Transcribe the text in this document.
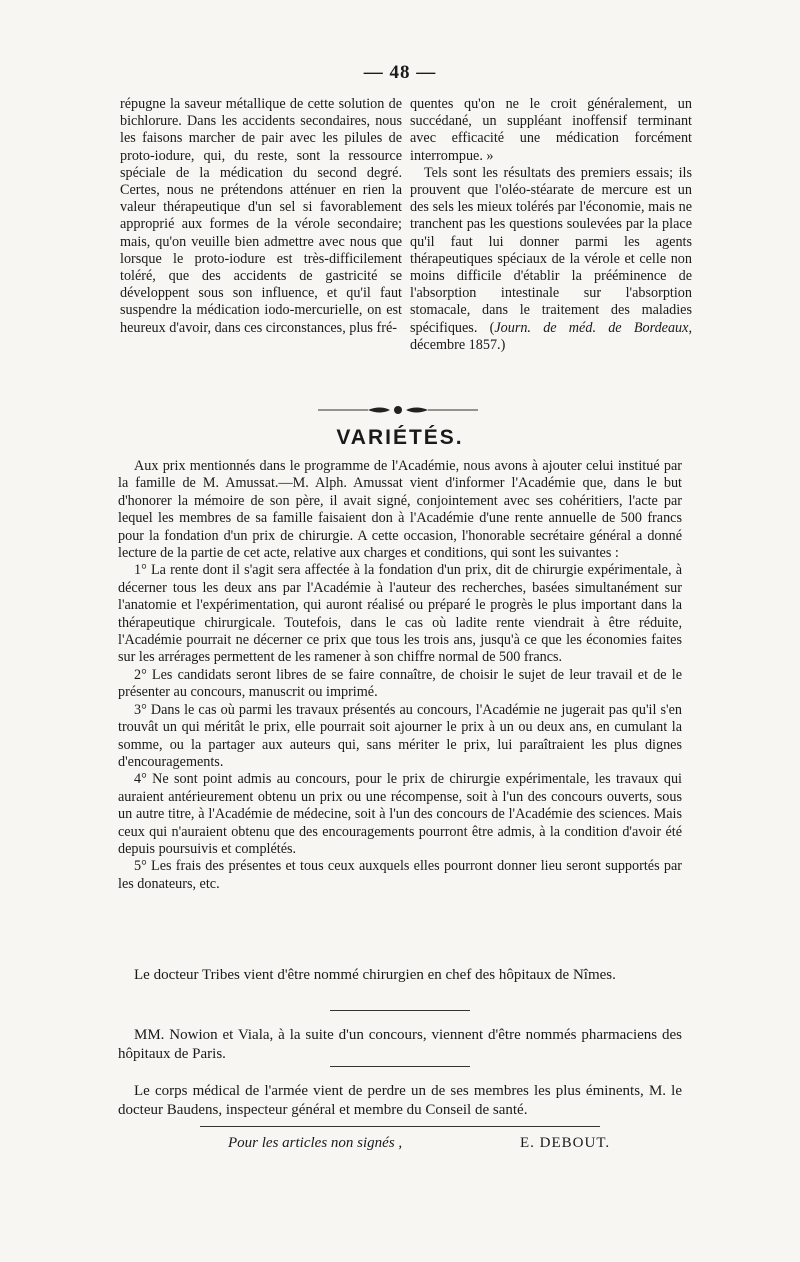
— 48 —

répugne la saveur métallique de cette solution de bichlorure. Dans les accidents secondaires, nous les faisons marcher de pair avec les pilules de proto-iodure, qui, du reste, sont la ressource spéciale de la médication du second degré. Certes, nous ne prétendons atténuer en rien la valeur thérapeutique d'un sel si favorablement approprié aux formes de la vérole secondaire; mais, qu'on veuille bien admettre avec nous que lorsque le proto-iodure est très-difficilement toléré, que des accidents de gastricité se développent sous son influence, et qu'il faut suspendre la médication iodo-mercurielle, on est heureux d'avoir, dans ces circonstances, plus fré-

quentes qu'on ne le croit généralement, un succédané, un suppléant inoffensif terminant avec efficacité une médication forcément interrompue. »

Tels sont les résultats des premiers essais; ils prouvent que l'oléo-stéarate de mercure est un des sels les mieux tolérés par l'économie, mais ne tranchent pas les questions soulevées par la place qu'il faut lui donner parmi les agents thérapeutiques spéciaux de la vérole et celle non moins difficile d'établir la prééminence de l'absorption intestinale sur l'absorption stomacale, dans le traitement des maladies spécifiques. (Journ. de méd. de Bordeaux, décembre 1857.)

VARIÉTÉS.

Aux prix mentionnés dans le programme de l'Académie, nous avons à ajouter celui institué par la famille de M. Amussat.—M. Alph. Amussat vient d'informer l'Académie que, dans le but d'honorer la mémoire de son père, il avait signé, conjointement avec ses cohéritiers, l'acte par lequel les membres de sa famille faisaient don à l'Académie d'une rente annuelle de 500 francs pour la fondation d'un prix de chirurgie. A cette occasion, l'honorable secrétaire général a donné lecture de la partie de cet acte, relative aux charges et conditions, qui sont les suivantes :

1° La rente dont il s'agit sera affectée à la fondation d'un prix, dit de chirurgie expérimentale, à décerner tous les deux ans par l'Académie à l'auteur des recherches, basées simultanément sur l'anatomie et l'expérimentation, qui auront réalisé ou préparé le progrès le plus important dans la thérapeutique chirurgicale. Toutefois, dans le cas où ladite rente viendrait à être réduite, l'Académie pourrait ne décerner ce prix que tous les trois ans, jusqu'à ce que les économies faites sur les arrérages permettent de les ramener à son chiffre normal de 500 francs.

2° Les candidats seront libres de se faire connaître, de choisir le sujet de leur travail et de le présenter au concours, manuscrit ou imprimé.

3° Dans le cas où parmi les travaux présentés au concours, l'Académie ne jugerait pas qu'il s'en trouvât un qui méritât le prix, elle pourrait soit ajourner le prix à un ou deux ans, en cumulant la somme, ou la partager aux auteurs qui, sans mériter le prix, lui paraîtraient les plus dignes d'encouragements.

4° Ne sont point admis au concours, pour le prix de chirurgie expérimentale, les travaux qui auraient antérieurement obtenu un prix ou une récompense, soit à l'un des concours ouverts, sous un autre titre, à l'Académie de médecine, soit à l'un des concours de l'Académie des sciences. Mais ceux qui n'auraient obtenu que des encouragements pourront être admis, à la condition d'avoir été depuis poursuivis et complétés.

5° Les frais des présentes et tous ceux auxquels elles pourront donner lieu seront supportés par les donateurs, etc.

Le docteur Tribes vient d'être nommé chirurgien en chef des hôpitaux de Nîmes.

MM. Nowion et Viala, à la suite d'un concours, viennent d'être nommés pharmaciens des hôpitaux de Paris.

Le corps médical de l'armée vient de perdre un de ses membres les plus éminents, M. le docteur Baudens, inspecteur général et membre du Conseil de santé.

Pour les articles non signés ,	E. DEBOUT.
